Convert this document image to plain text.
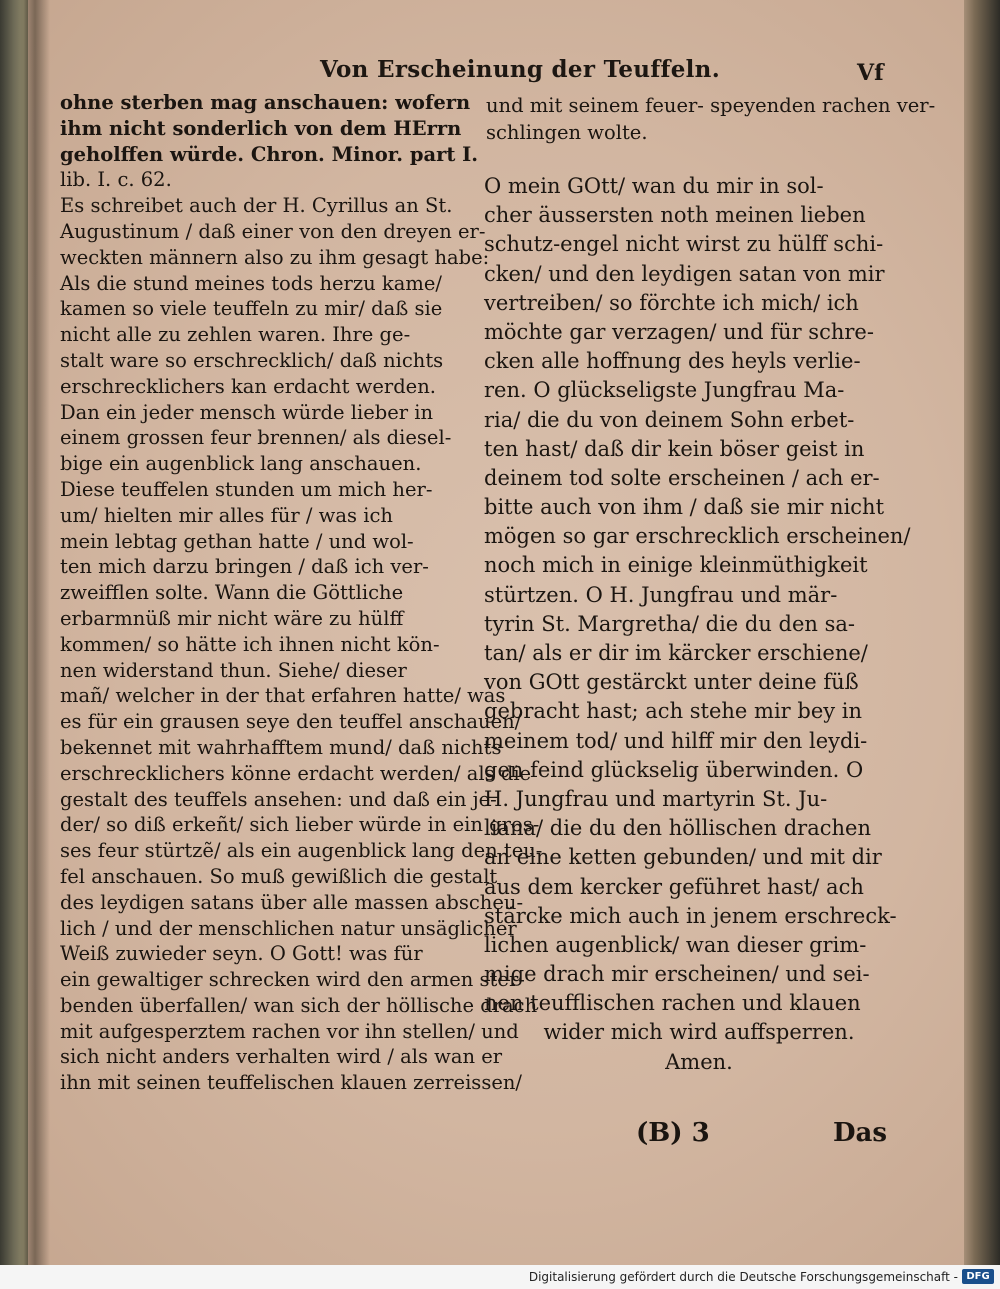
Von Erscheinung der Teuffeln.	Vf
ohne sterben mag anschauen: wofern
ihm nicht sonderlich von dem HErrn
geholffen würde. Chron. Minor. part I.
lib. I. c. 62.
Es schreibet auch der H. Cyrillus an St.
Augustinum / daß einer von den dreyen er-
weckten männern also zu ihm gesagt habe:
Als die stund meines tods herzu kame/
kamen so viele teuffeln zu mir/ daß sie
nicht alle zu zehlen waren. Ihre ge-
stalt ware so erschrecklich/ daß nichts
erschrecklichers kan erdacht werden.
Dan ein jeder mensch würde lieber in
einem grossen feur brennen/ als diesel-
bige ein augenblick lang anschauen.
Diese teuffelen stunden um mich her-
um/ hielten mir alles für / was ich
mein lebtag gethan hatte / und wol-
ten mich darzu bringen / daß ich ver-
zweifflen solte. Wann die Göttliche
erbarmnüß mir nicht wäre zu hülff
kommen/ so hätte ich ihnen nicht kön-
nen widerstand thun. Siehe/ dieser
mañ/ welcher in der that erfahren hatte/ was
es für ein grausen seye den teuffel anschauen/
bekennet mit wahrhafftem mund/ daß nichts
erschrecklichers könne erdacht werden/ als die
gestalt des teuffels ansehen: und daß ein je-
der/ so diß erkeñt/ sich lieber würde in ein gros-
ses feur stürtzẽ/ als ein augenblick lang den teu-
fel anschauen. So muß gewißlich die gestalt
des leydigen satans über alle massen abscheu-
lich / und der menschlichen natur unsäglicher
Weiß zuwieder seyn. O Gott! was für
ein gewaltiger schrecken wird den armen ster-
benden überfallen/ wan sich der höllische drach
mit aufgesperztem rachen vor ihn stellen/ und
sich nicht anders verhalten wird / als wan er
ihn mit seinen teuffelischen klauen zerreissen/
und mit seinem feuer- speyenden rachen ver-
schlingen wolte.
O mein GOtt/ wan du mir in sol-
cher äussersten noth meinen lieben
schutz-engel nicht wirst zu hülff schi-
cken/ und den leydigen satan von mir
vertreiben/ so förchte ich mich/ ich
möchte gar verzagen/ und für schre-
cken alle hoffnung des heyls verlie-
ren. O glückseligste Jungfrau Ma-
ria/ die du von deinem Sohn erbet-
ten hast/ daß dir kein böser geist in
deinem tod solte erscheinen / ach er-
bitte auch von ihm / daß sie mir nicht
mögen so gar erschrecklich erscheinen/
noch mich in einige kleinmüthigkeit
stürtzen. O H. Jungfrau und mär-
tyrin St. Margretha/ die du den sa-
tan/ als er dir im kärcker erschiene/
von GOtt gestärckt unter deine füß
gebracht hast; ach stehe mir bey in
meinem tod/ und hilff mir den leydi-
gen feind glückselig überwinden. O
H. Jungfrau und martyrin St. Ju-
liana/ die du den höllischen drachen
an eine ketten gebunden/ und mit dir
aus dem kercker geführet hast/ ach
stärcke mich auch in jenem erschreck-
lichen augenblick/ wan dieser grim-
mige drach mir erscheinen/ und sei-
nen teufflischen rachen und klauen
wider mich wird auffsperren.
Amen.
(B) 3	Das
Digitalisierung gefördert durch die Deutsche Forschungsgemeinschaft - DFG
